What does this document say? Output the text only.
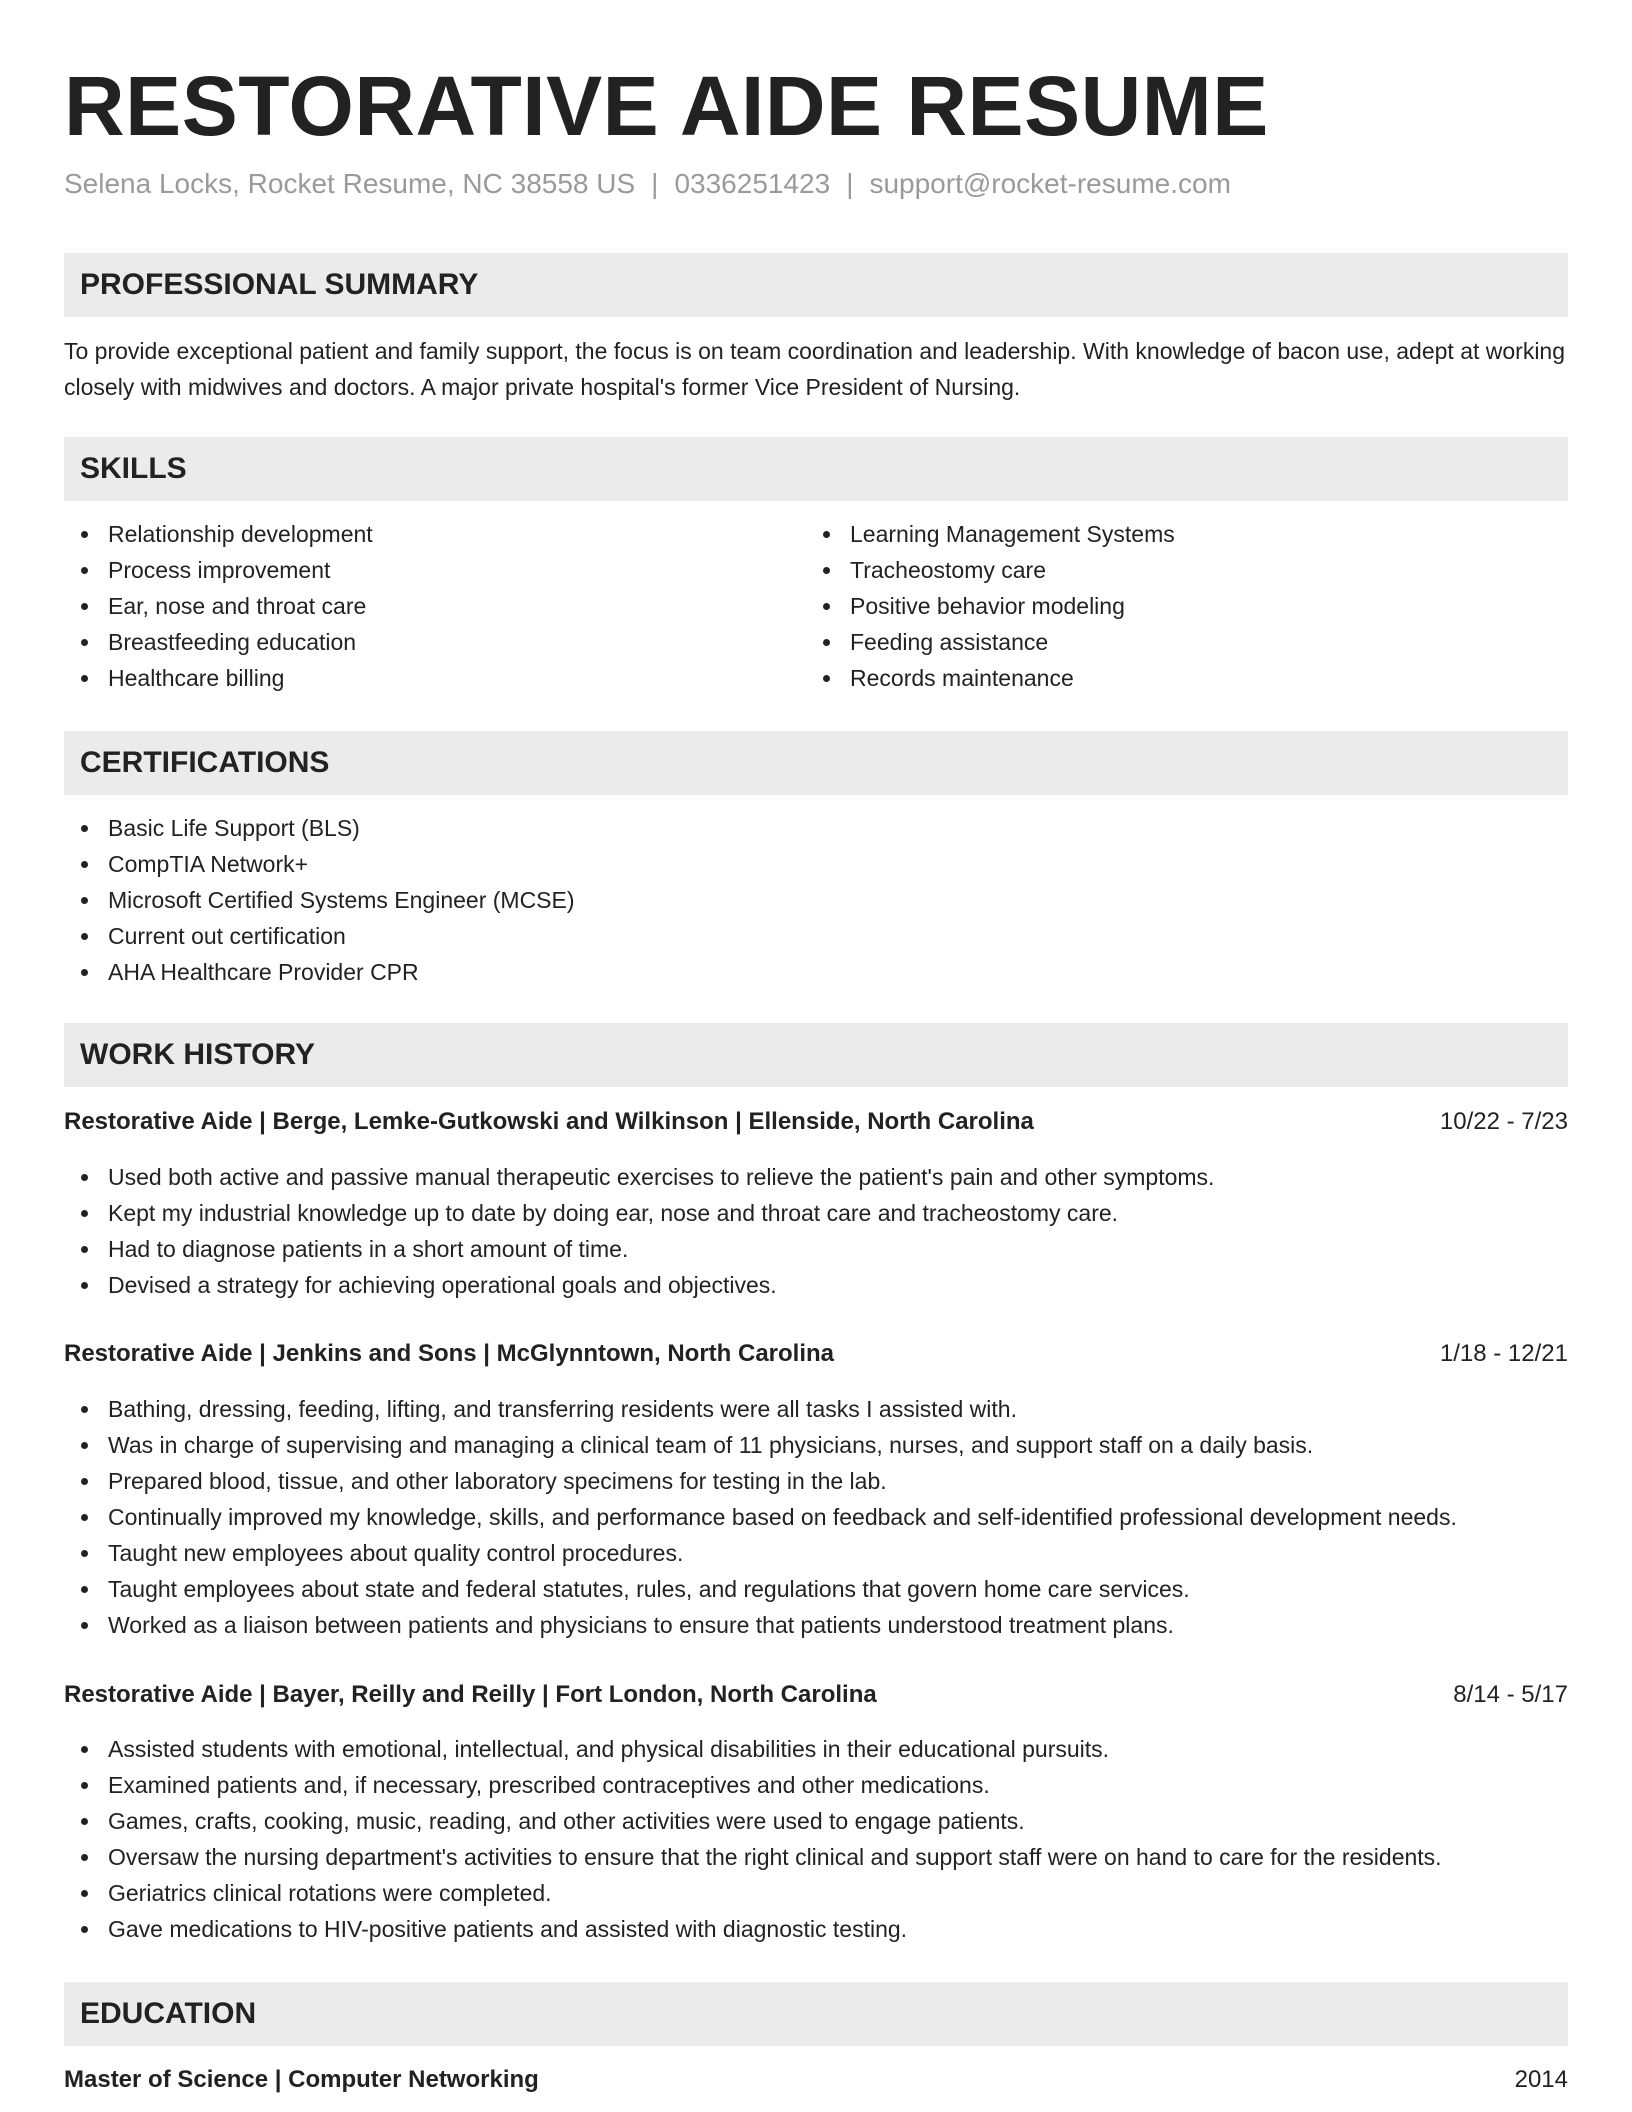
RESTORATIVE AIDE RESUME
Selena Locks, Rocket Resume, NC 38558 US | 0336251423 | support@rocket-resume.com
PROFESSIONAL SUMMARY
To provide exceptional patient and family support, the focus is on team coordination and leadership. With knowledge of bacon use, adept at working closely with midwives and doctors. A major private hospital's former Vice President of Nursing.
SKILLS
Relationship development
Process improvement
Ear, nose and throat care
Breastfeeding education
Healthcare billing
Learning Management Systems
Tracheostomy care
Positive behavior modeling
Feeding assistance
Records maintenance
CERTIFICATIONS
Basic Life Support (BLS)
CompTIA Network+
Microsoft Certified Systems Engineer (MCSE)
Current out certification
AHA Healthcare Provider CPR
WORK HISTORY
Restorative Aide | Berge, Lemke-Gutkowski and Wilkinson | Ellenside, North Carolina	10/22 - 7/23
Used both active and passive manual therapeutic exercises to relieve the patient's pain and other symptoms.
Kept my industrial knowledge up to date by doing ear, nose and throat care and tracheostomy care.
Had to diagnose patients in a short amount of time.
Devised a strategy for achieving operational goals and objectives.
Restorative Aide | Jenkins and Sons | McGlynntown, North Carolina	1/18 - 12/21
Bathing, dressing, feeding, lifting, and transferring residents were all tasks I assisted with.
Was in charge of supervising and managing a clinical team of 11 physicians, nurses, and support staff on a daily basis.
Prepared blood, tissue, and other laboratory specimens for testing in the lab.
Continually improved my knowledge, skills, and performance based on feedback and self-identified professional development needs.
Taught new employees about quality control procedures.
Taught employees about state and federal statutes, rules, and regulations that govern home care services.
Worked as a liaison between patients and physicians to ensure that patients understood treatment plans.
Restorative Aide | Bayer, Reilly and Reilly | Fort London, North Carolina	8/14 - 5/17
Assisted students with emotional, intellectual, and physical disabilities in their educational pursuits.
Examined patients and, if necessary, prescribed contraceptives and other medications.
Games, crafts, cooking, music, reading, and other activities were used to engage patients.
Oversaw the nursing department's activities to ensure that the right clinical and support staff were on hand to care for the residents.
Geriatrics clinical rotations were completed.
Gave medications to HIV-positive patients and assisted with diagnostic testing.
EDUCATION
Master of Science | Computer Networking	2014
